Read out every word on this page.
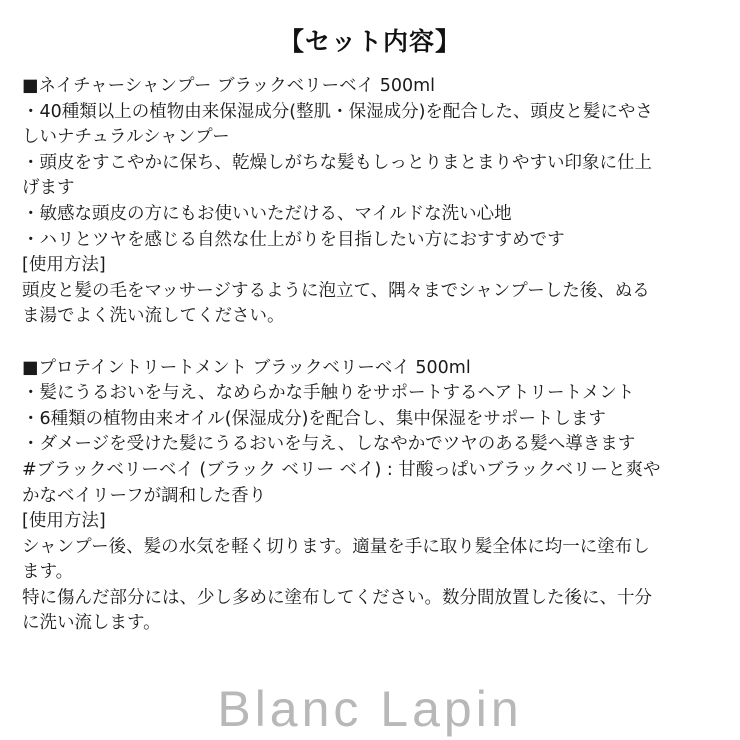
【セット内容】
■ネイチャーシャンプー ブラックベリーベイ 500ml
・40種類以上の植物由来保湿成分(整肌・保湿成分)を配合した、頭皮と髪にやさ
しいナチュラルシャンプー
・頭皮をすこやかに保ち、乾燥しがちな髪もしっとりまとまりやすい印象に仕上
げます
・敏感な頭皮の方にもお使いいただける、マイルドな洗い心地
・ハリとツヤを感じる自然な仕上がりを目指したい方におすすめです
[使用方法]
頭皮と髪の毛をマッサージするように泡立て、隅々までシャンプーした後、ぬる
ま湯でよく洗い流してください。
■プロテイントリートメント ブラックベリーベイ 500ml
・髪にうるおいを与え、なめらかな手触りをサポートするヘアトリートメント
・6種類の植物由来オイル(保湿成分)を配合し、集中保湿をサポートします
・ダメージを受けた髪にうるおいを与え、しなやかでツヤのある髪へ導きます
#ブラックベリーベイ (ブラック ベリー ベイ) : 甘酸っぱいブラックベリーと爽や
かなベイリーフが調和した香り
[使用方法]
シャンプー後、髪の水気を軽く切ります。適量を手に取り髪全体に均一に塗布し
ます。
特に傷んだ部分には、少し多めに塗布してください。数分間放置した後に、十分
に洗い流します。
Blanc Lapin
